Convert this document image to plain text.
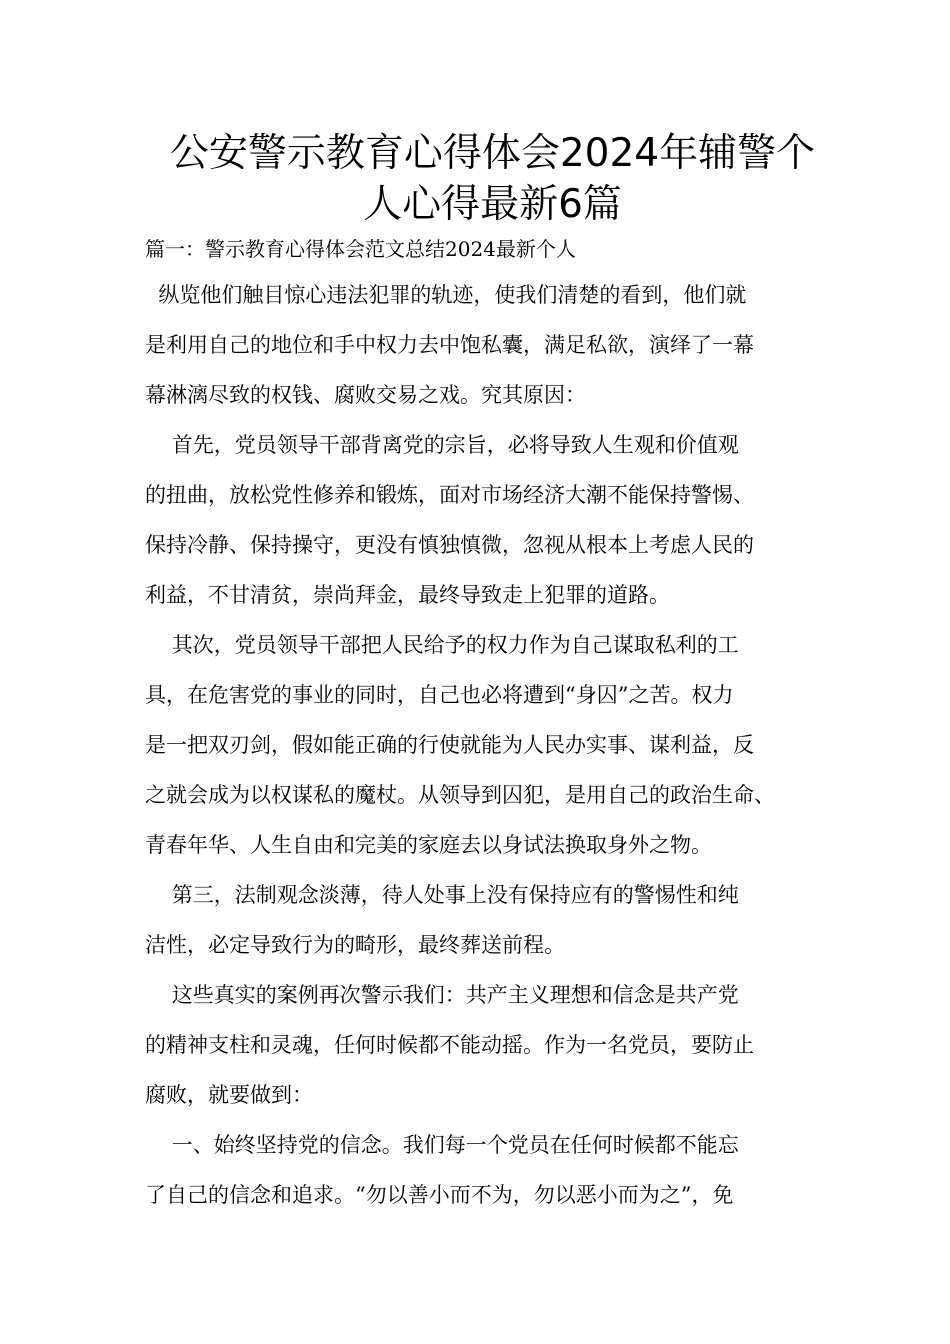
公安警示教育心得体会2024年辅警个
人心得最新6篇

篇一：警示教育心得体会范文总结2024最新个人

纵览他们触目惊心违法犯罪的轨迹，使我们清楚的看到，他们就
是利用自己的地位和手中权力去中饱私囊，满足私欲，演绎了一幕
幕淋漓尽致的权钱、腐败交易之戏。究其原因：

首先，党员领导干部背离党的宗旨，必将导致人生观和价值观
的扭曲，放松党性修养和锻炼，面对市场经济大潮不能保持警惕、
保持冷静、保持操守，更没有慎独慎微，忽视从根本上考虑人民的
利益，不甘清贫，崇尚拜金，最终导致走上犯罪的道路。

其次，党员领导干部把人民给予的权力作为自己谋取私利的工
具，在危害党的事业的同时，自己也必将遭到“身囚”之苦。权力
是一把双刃剑，假如能正确的行使就能为人民办实事、谋利益，反
之就会成为以权谋私的魔杖。从领导到囚犯，是用自己的政治生命、
青春年华、人生自由和完美的家庭去以身试法换取身外之物。

第三，法制观念淡薄，待人处事上没有保持应有的警惕性和纯
洁性，必定导致行为的畸形，最终葬送前程。

这些真实的案例再次警示我们：共产主义理想和信念是共产党
的精神支柱和灵魂，任何时候都不能动摇。作为一名党员，要防止
腐败，就要做到：

一、始终坚持党的信念。我们每一个党员在任何时候都不能忘
了自己的信念和追求。“勿以善小而不为，勿以恶小而为之”，免
